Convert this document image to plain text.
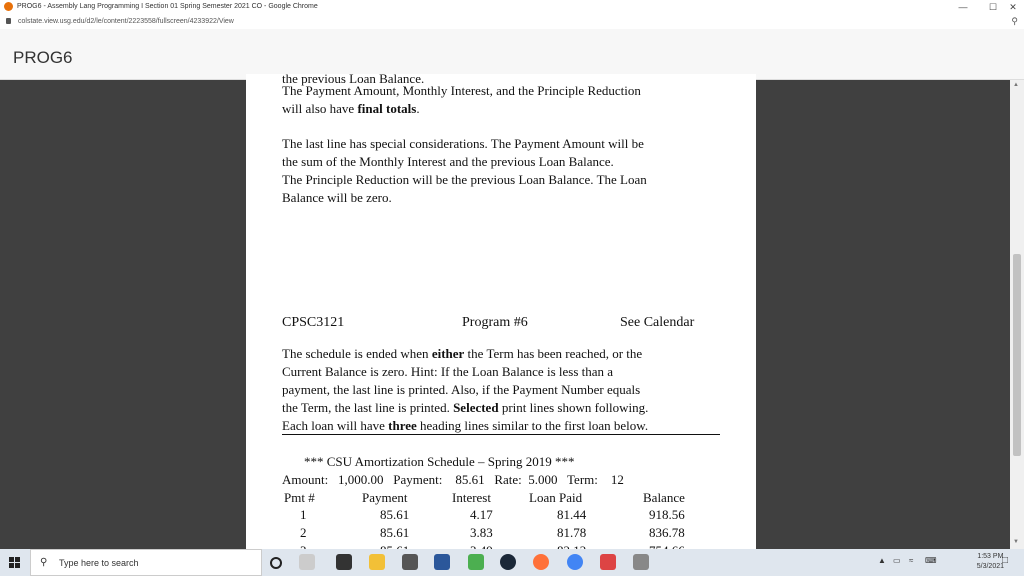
PROG6 - Assembly Lang Programming I Section 01 Spring Semester 2021 CO - Google Chrome	—	☐	✕
colstate.view.usg.edu/d2/le/content/2223558/fullscreen/4233922/View	⚲
PROG6
the previous Loan Balance.
The Payment Amount, Monthly Interest, and the Principle Reduction
will also have final totals.
The last line has special considerations. The Payment Amount will be
the sum of the Monthly Interest and the previous Loan Balance.
The Principle Reduction will be the previous Loan Balance. The Loan
Balance will be zero.
CPSC3121	Program #6	See Calendar
The schedule is ended when either the Term has been reached, or the
Current Balance is zero. Hint: If the Loan Balance is less than a
payment, the last line is printed. Also, if the Payment Number equals
the Term, the last line is printed. Selected print lines shown following.
Each loan will have three heading lines similar to the first loan below.
*** CSU Amortization Schedule – Spring 2019 ***
Amount:   1,000.00   Payment:    85.61   Rate:  5.000   Term:    12
Pmt #	Payment	Interest	Loan Paid	Balance
1	85.61	4.17	81.44	918.56
2	85.61	3.83	81.78	836.78
▲
▼
⚲ Type here to search	▲ ▭ ≈ ⌨	1:53 PM
5/3/2021
□
